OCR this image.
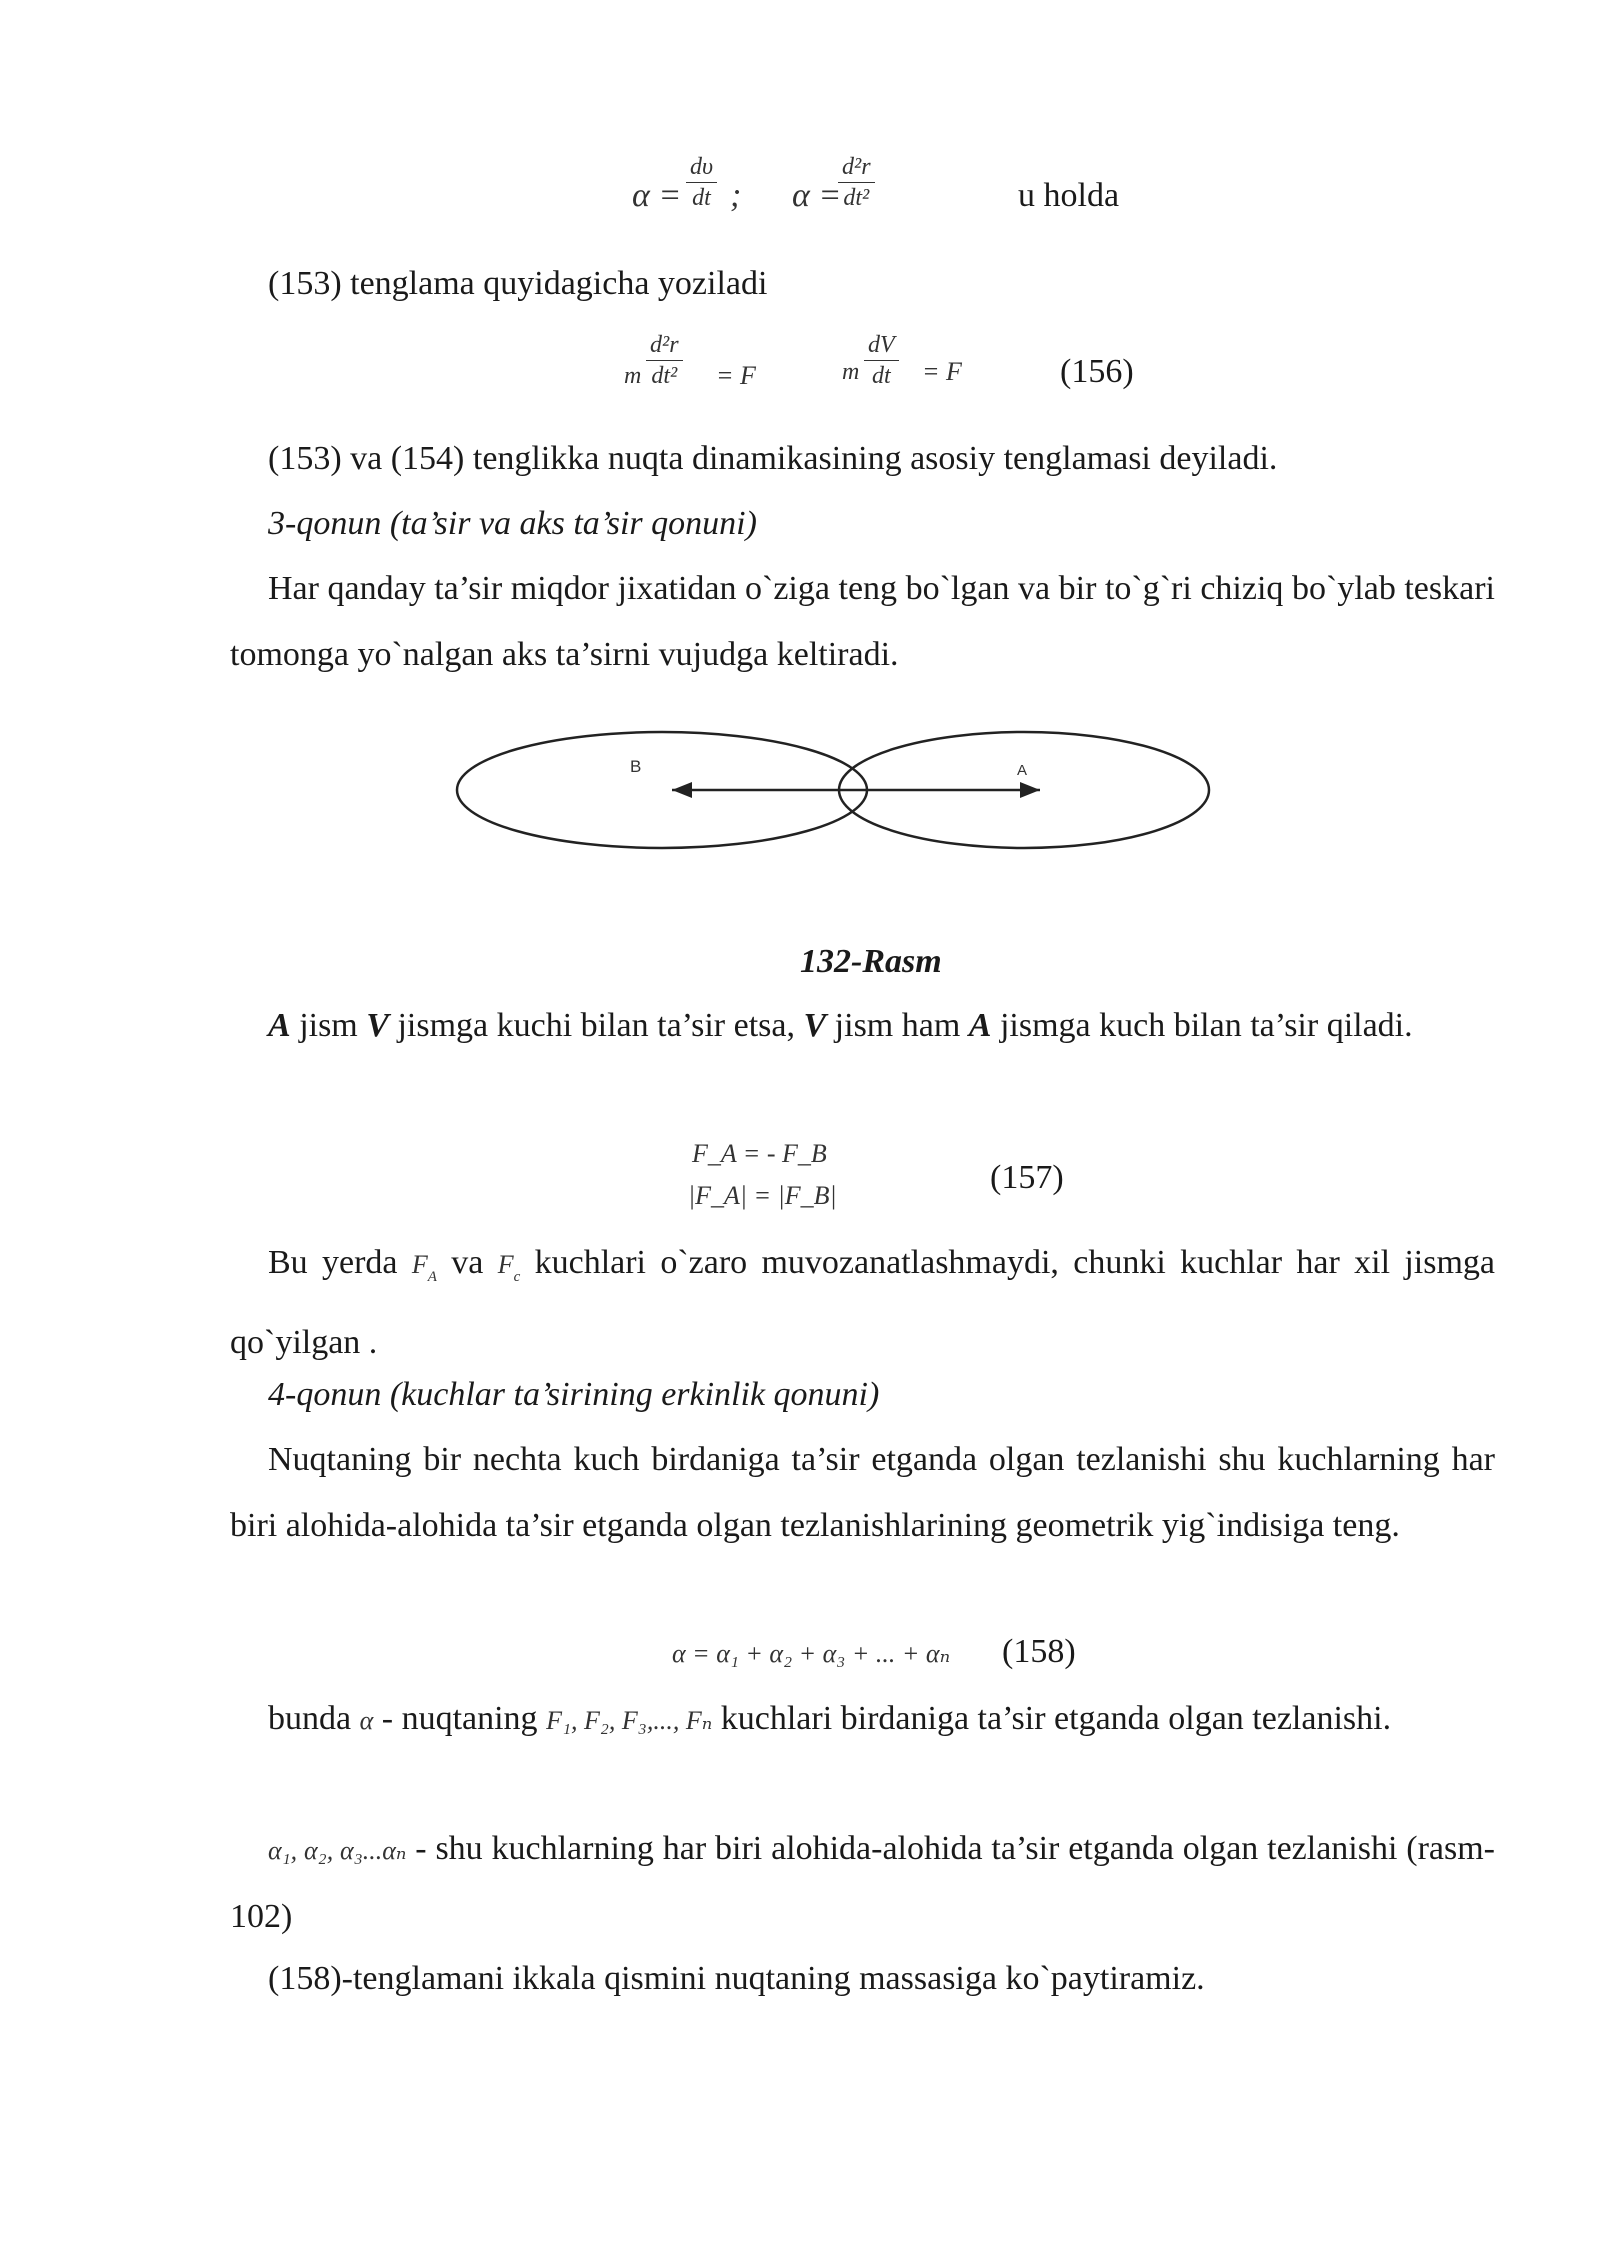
$\alpha = \frac{d\upsilon}{dt}$ ; α =
$\frac{\text{d²r}}{\text{dt²}}$	u holda

(153) tenglama quyidagicha yoziladi

m $\frac{\text{d²r}}{\text{dt²}} = F$	m $\frac{dV}{dt} = F$	(156)

(153) va (154) tenglikka nuqta dinamikasining asosiy tenglamasi deyiladi.

3-qonun (ta’sir va aks ta’sir qonuni)

Har qanday ta’sir miqdor jixatidan o`ziga teng bo`lgan va bir to`g`ri chiziq bo`ylab teskari tomonga yo`nalgan aks ta’sirni vujudga keltiradi.

B	A
132-Rasm

A jism V jismga kuchi bilan ta’sir etsa, V jism ham A jismga kuch bilan ta’sir qiladi.

F_A = - F_B
|F_A| = |F_B|	(157)

Bu yerda $F_A$ va $F_c$ kuchlari o`zaro muvozanatlashmaydi, chunki kuchlar har xil jismga qo`yilgan .

4-qonun (kuchlar ta’sirining erkinlik qonuni)

Nuqtaning bir nechta kuch birdaniga ta’sir etganda olgan tezlanishi shu kuchlarning har biri alohida-alohida ta’sir etganda olgan tezlanishlarining geometrik yig`indisiga teng.

α = α₁ + α₂ + α₃ + ... + αₙ (158)

bunda α - nuqtaning F₁, F₂, F₃,..., Fₙ kuchlari birdaniga ta’sir etganda olgan tezlanishi.

α₁, α₂, α₃...αₙ - shu kuchlarning har biri alohida-alohida ta’sir etganda olgan tezlanishi (rasm-102)

(158)-tenglamani ikkala qismini nuqtaning massasiga ko`paytiramiz.
